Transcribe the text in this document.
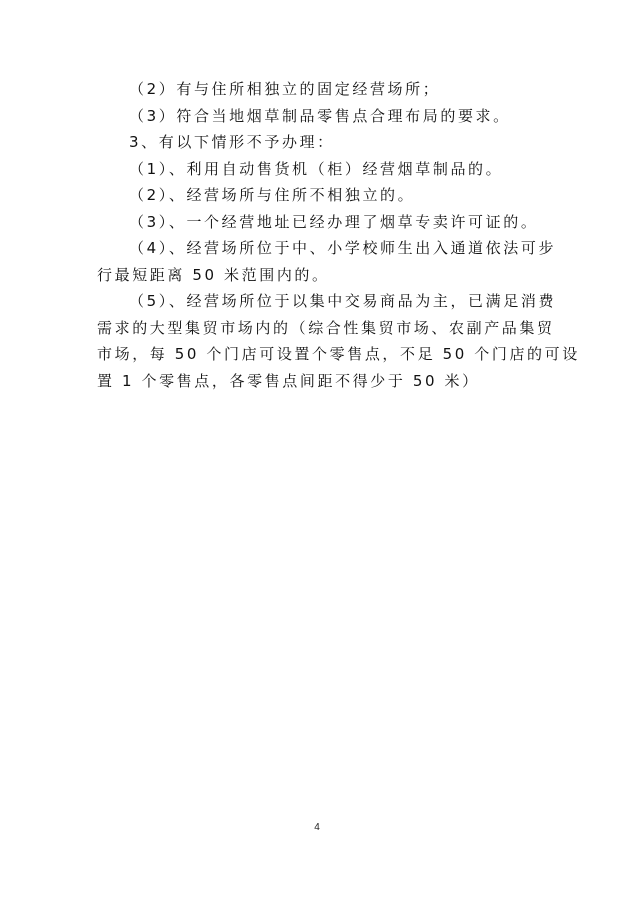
（2）有与住所相独立的固定经营场所；
（3）符合当地烟草制品零售点合理布局的要求。
3、有以下情形不予办理：
（1）、利用自动售货机（柜）经营烟草制品的。
（2）、经营场所与住所不相独立的。
（3）、一个经营地址已经办理了烟草专卖许可证的。
（4）、经营场所位于中、小学校师生出入通道依法可步
行最短距离 50 米范围内的。
（5）、经营场所位于以集中交易商品为主，已满足消费
需求的大型集贸市场内的（综合性集贸市场、农副产品集贸
市场，每 50 个门店可设置个零售点，不足 50 个门店的可设
置 1 个零售点，各零售点间距不得少于 50 米）
4
